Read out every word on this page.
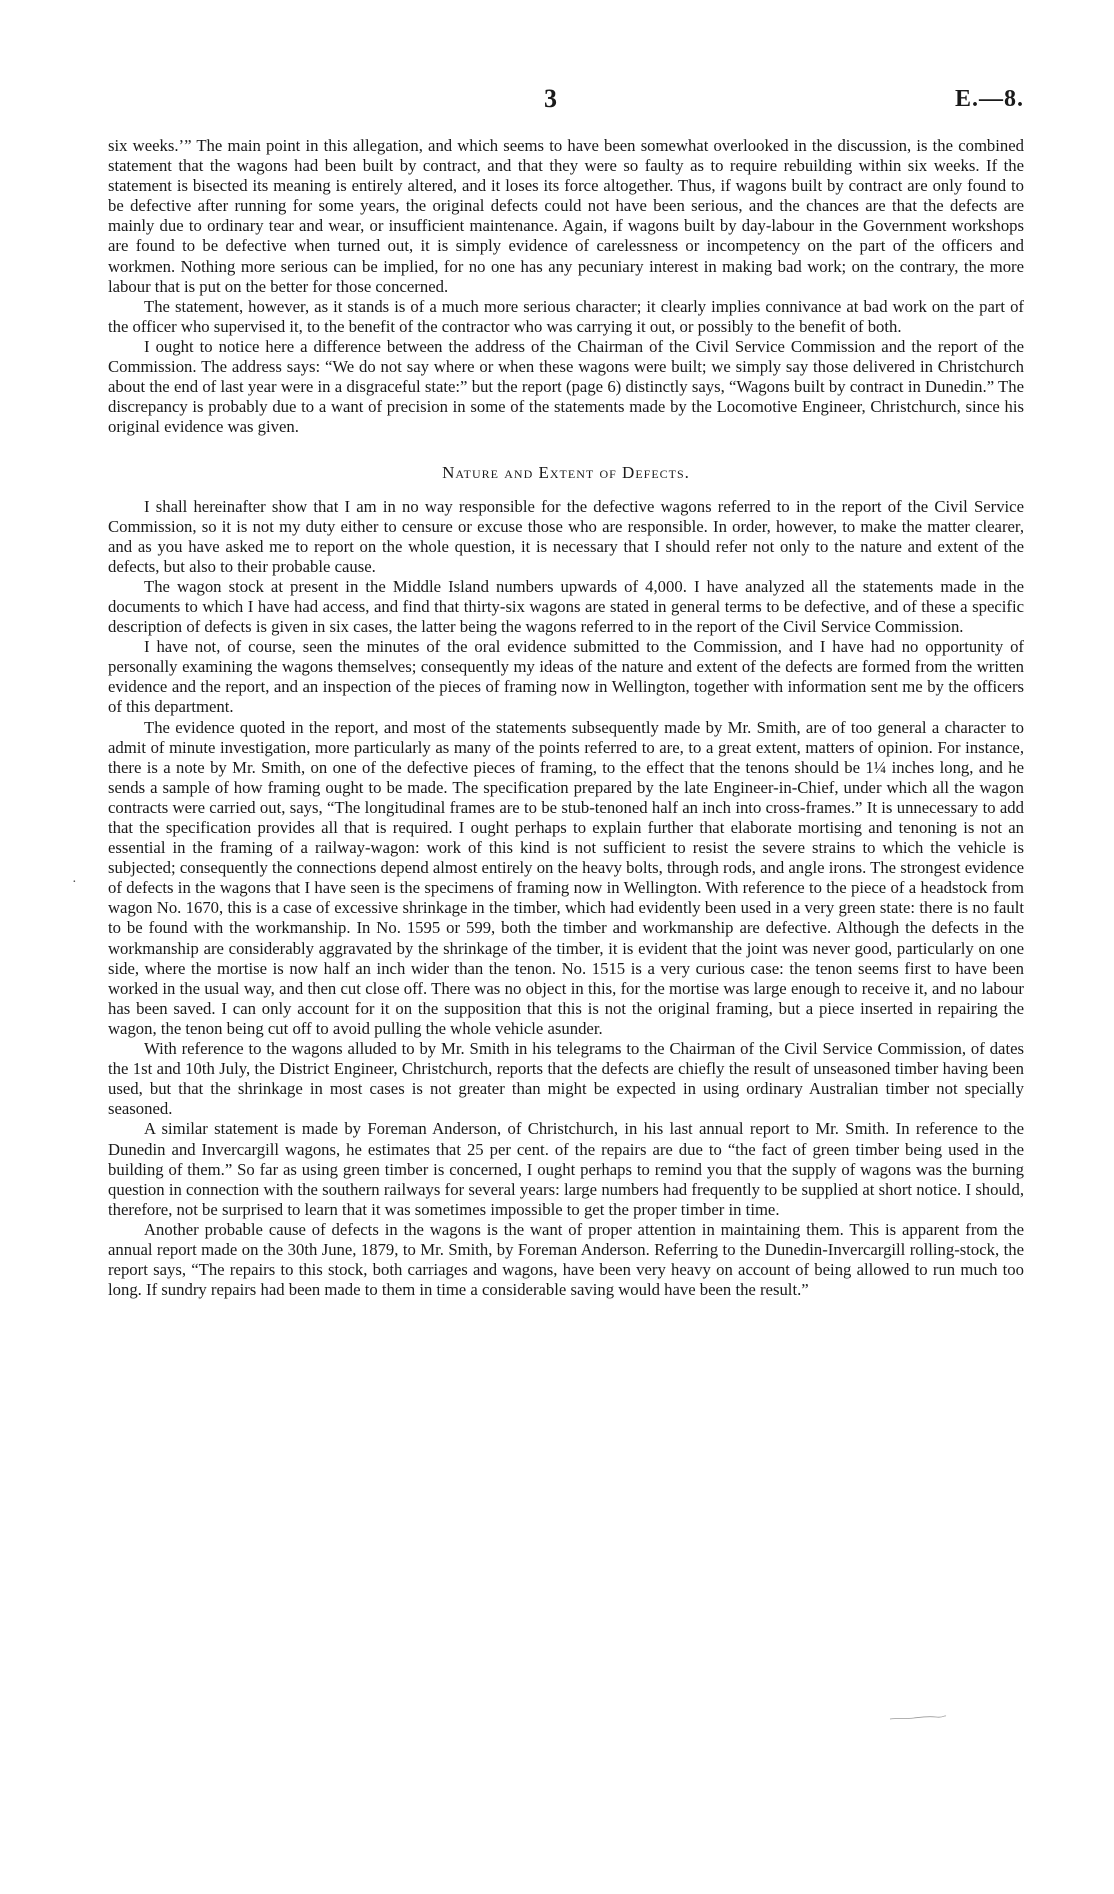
3	E.—8.

six weeks.’” The main point in this allegation, and which seems to have been somewhat overlooked in the discussion, is the combined statement that the wagons had been built by contract, and that they were so faulty as to require rebuilding within six weeks. If the statement is bisected its meaning is entirely altered, and it loses its force altogether. Thus, if wagons built by contract are only found to be defective after running for some years, the original defects could not have been serious, and the chances are that the defects are mainly due to ordinary tear and wear, or insufficient maintenance. Again, if wagons built by day-labour in the Government workshops are found to be defective when turned out, it is simply evidence of carelessness or incompetency on the part of the officers and workmen. Nothing more serious can be implied, for no one has any pecuniary interest in making bad work; on the contrary, the more labour that is put on the better for those concerned.

The statement, however, as it stands is of a much more serious character; it clearly implies connivance at bad work on the part of the officer who supervised it, to the benefit of the contractor who was carrying it out, or possibly to the benefit of both.

I ought to notice here a difference between the address of the Chairman of the Civil Service Commission and the report of the Commission. The address says: “We do not say where or when these wagons were built; we simply say those delivered in Christchurch about the end of last year were in a disgraceful state:” but the report (page 6) distinctly says, “Wagons built by contract in Dunedin.” The discrepancy is probably due to a want of precision in some of the statements made by the Locomotive Engineer, Christchurch, since his original evidence was given.

Nature and Extent of Defects.

I shall hereinafter show that I am in no way responsible for the defective wagons referred to in the report of the Civil Service Commission, so it is not my duty either to censure or excuse those who are responsible. In order, however, to make the matter clearer, and as you have asked me to report on the whole question, it is necessary that I should refer not only to the nature and extent of the defects, but also to their probable cause.

The wagon stock at present in the Middle Island numbers upwards of 4,000. I have analyzed all the statements made in the documents to which I have had access, and find that thirty-six wagons are stated in general terms to be defective, and of these a specific description of defects is given in six cases, the latter being the wagons referred to in the report of the Civil Service Commission.

I have not, of course, seen the minutes of the oral evidence submitted to the Commission, and I have had no opportunity of personally examining the wagons themselves; consequently my ideas of the nature and extent of the defects are formed from the written evidence and the report, and an inspection of the pieces of framing now in Wellington, together with information sent me by the officers of this department.

The evidence quoted in the report, and most of the statements subsequently made by Mr. Smith, are of too general a character to admit of minute investigation, more particularly as many of the points referred to are, to a great extent, matters of opinion. For instance, there is a note by Mr. Smith, on one of the defective pieces of framing, to the effect that the tenons should be 1¼ inches long, and he sends a sample of how framing ought to be made. The specification prepared by the late Engineer-in-Chief, under which all the wagon contracts were carried out, says, “The longitudinal frames are to be stub-tenoned half an inch into cross-frames.” It is unnecessary to add that the specification provides all that is required. I ought perhaps to explain further that elaborate mortising and tenoning is not an essential in the framing of a railway-wagon: work of this kind is not sufficient to resist the severe strains to which the vehicle is subjected; consequently the connections depend almost entirely on the heavy bolts, through rods, and angle irons. The strongest evidence of defects in the wagons that I have seen is the specimens of framing now in Wellington. With reference to the piece of a headstock from wagon No. 1670, this is a case of excessive shrinkage in the timber, which had evidently been used in a very green state: there is no fault to be found with the workmanship. In No. 1595 or 599, both the timber and workmanship are defective. Although the defects in the workmanship are considerably aggravated by the shrinkage of the timber, it is evident that the joint was never good, particularly on one side, where the mortise is now half an inch wider than the tenon. No. 1515 is a very curious case: the tenon seems first to have been worked in the usual way, and then cut close off. There was no object in this, for the mortise was large enough to receive it, and no labour has been saved. I can only account for it on the supposition that this is not the original framing, but a piece inserted in repairing the wagon, the tenon being cut off to avoid pulling the whole vehicle asunder.

With reference to the wagons alluded to by Mr. Smith in his telegrams to the Chairman of the Civil Service Commission, of dates the 1st and 10th July, the District Engineer, Christchurch, reports that the defects are chiefly the result of unseasoned timber having been used, but that the shrinkage in most cases is not greater than might be expected in using ordinary Australian timber not specially seasoned.

A similar statement is made by Foreman Anderson, of Christchurch, in his last annual report to Mr. Smith. In reference to the Dunedin and Invercargill wagons, he estimates that 25 per cent. of the repairs are due to “the fact of green timber being used in the building of them.” So far as using green timber is concerned, I ought perhaps to remind you that the supply of wagons was the burning question in connection with the southern railways for several years: large numbers had frequently to be supplied at short notice. I should, therefore, not be surprised to learn that it was sometimes impossible to get the proper timber in time.

Another probable cause of defects in the wagons is the want of proper attention in maintaining them. This is apparent from the annual report made on the 30th June, 1879, to Mr. Smith, by Foreman Anderson. Referring to the Dunedin-Invercargill rolling-stock, the report says, “The repairs to this stock, both carriages and wagons, have been very heavy on account of being allowed to run much too long. If sundry repairs had been made to them in time a considerable saving would have been the result.”

·
